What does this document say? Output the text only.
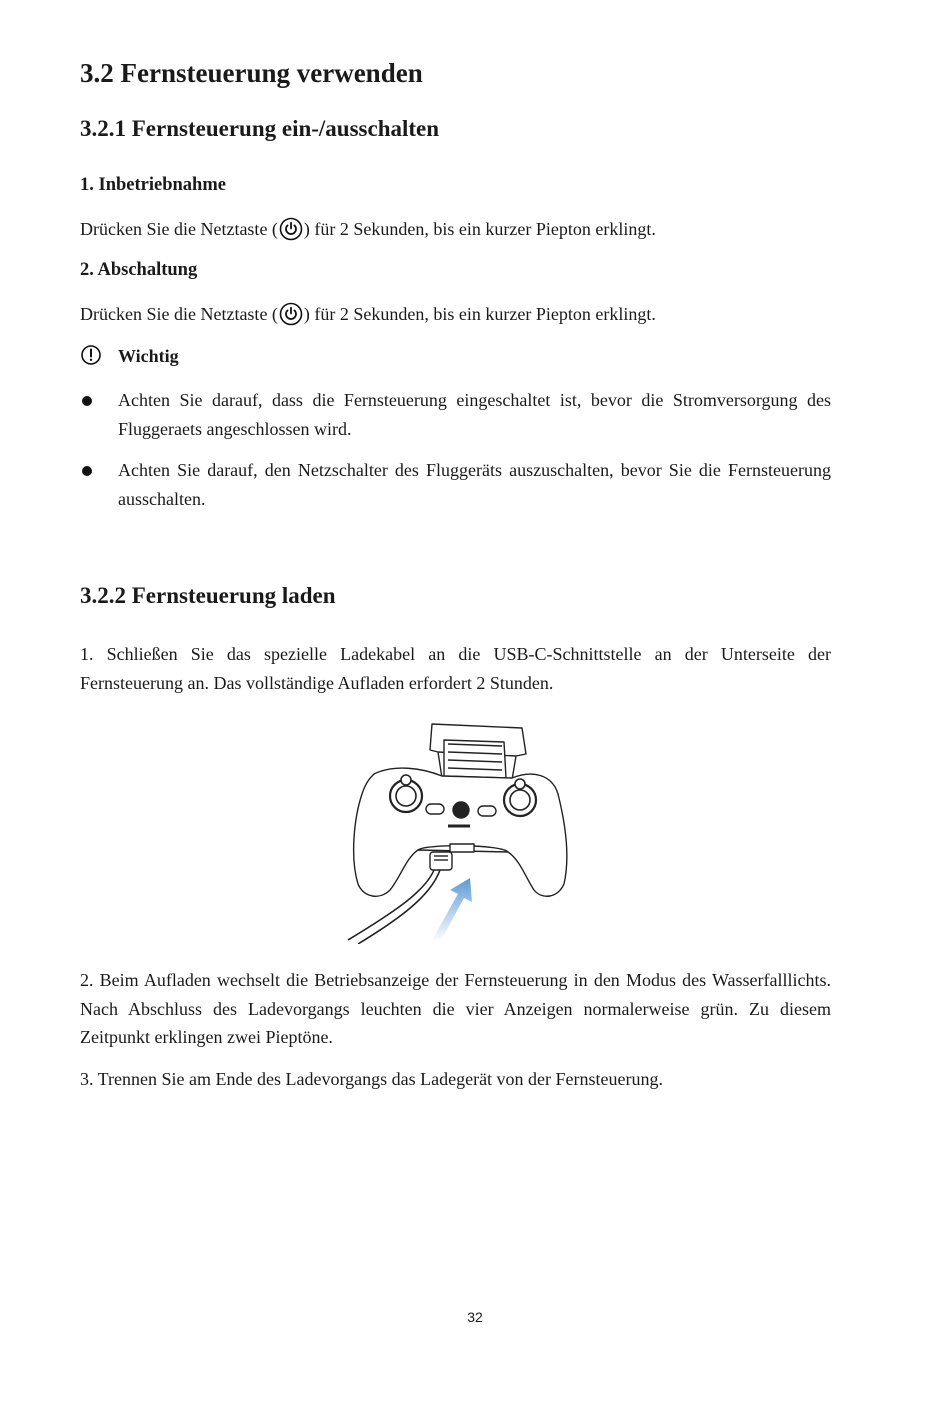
3.2 Fernsteuerung verwenden
3.2.1 Fernsteuerung ein-/ausschalten
1. Inbetriebnahme

Drücken Sie die Netztaste ( ) für 2 Sekunden, bis ein kurzer Piepton erklingt.

2. Abschaltung

Drücken Sie die Netztaste ( ) für 2 Sekunden, bis ein kurzer Piepton erklingt.

Wichtig
Achten Sie darauf, dass die Fernsteuerung eingeschaltet ist, bevor die Stromversorgung des Fluggeraets angeschlossen wird.
Achten Sie darauf, den Netzschalter des Fluggeräts auszuschalten, bevor Sie die Fernsteuerung ausschalten.
3.2.2 Fernsteuerung laden

1. Schließen Sie das spezielle Ladekabel an die USB-C-Schnittstelle an der Unterseite der Fernsteuerung an. Das vollständige Aufladen erfordert 2 Stunden.

2. Beim Aufladen wechselt die Betriebsanzeige der Fernsteuerung in den Modus des Wasserfalllichts. Nach Abschluss des Ladevorgangs leuchten die vier Anzeigen normalerweise grün. Zu diesem Zeitpunkt erklingen zwei Pieptöne.

3. Trennen Sie am Ende des Ladevorgangs das Ladegerät von der Fernsteuerung.

32
